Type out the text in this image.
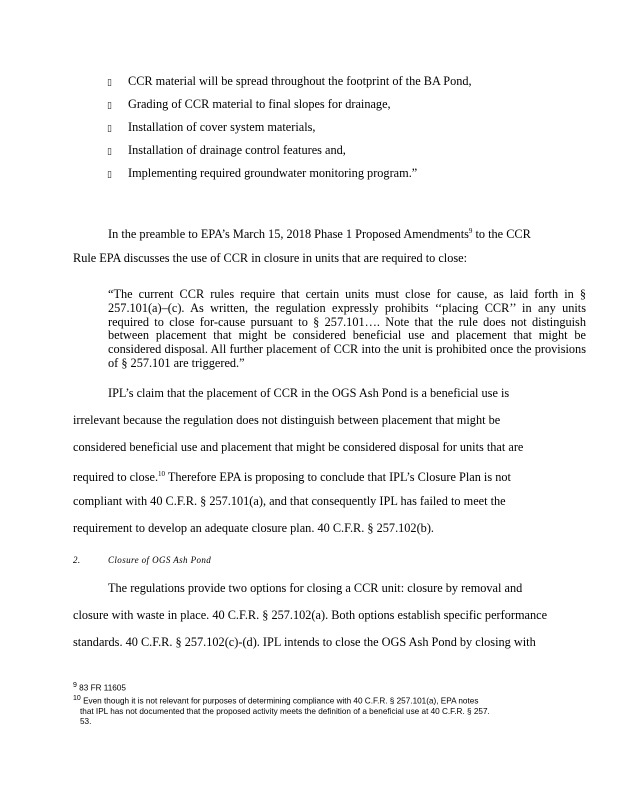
▯	CCR material will be spread throughout the footprint of the BA Pond,
▯	Grading of CCR material to final slopes for drainage,
▯	Installation of cover system materials,
▯	Installation of drainage control features and,
▯	Implementing required groundwater monitoring program.”
In the preamble to EPA’s March 15, 2018 Phase 1 Proposed Amendments$^9$ to the CCR
Rule EPA discusses the use of CCR in closure in units that are required to close:
“The current CCR rules require that certain units must close for cause, as laid forth in § 257.101(a)–(c). As written, the regulation expressly prohibits ‘‘placing CCR’’ in any units required to close for-cause pursuant to § 257.101…. Note that the rule does not distinguish between placement that might be considered beneficial use and placement that might be considered disposal. All further placement of CCR into the unit is prohibited once the provisions of § 257.101 are triggered.”
IPL’s claim that the placement of CCR in the OGS Ash Pond is a beneficial use is
irrelevant because the regulation does not distinguish between placement that might be
considered beneficial use and placement that might be considered disposal for units that are
required to close.$^{10}$ Therefore EPA is proposing to conclude that IPL’s Closure Plan is not
compliant with 40 C.F.R. § 257.101(a), and that consequently IPL has failed to meet the
requirement to develop an adequate closure plan. 40 C.F.R. § 257.102(b).
2.	Closure of OGS Ash Pond
The regulations provide two options for closing a CCR unit: closure by removal and
closure with waste in place. 40 C.F.R. § 257.102(a). Both options establish specific performance
standards. 40 C.F.R. § 257.102(c)-(d). IPL intends to close the OGS Ash Pond by closing with
$^9$ 83 FR 11605
$^{10}$ Even though it is not relevant for purposes of determining compliance with 40 C.F.R. § 257.101(a), EPA notes
that IPL has not documented that the proposed activity meets the definition of a beneficial use at 40 C.F.R. § 257.
53.
